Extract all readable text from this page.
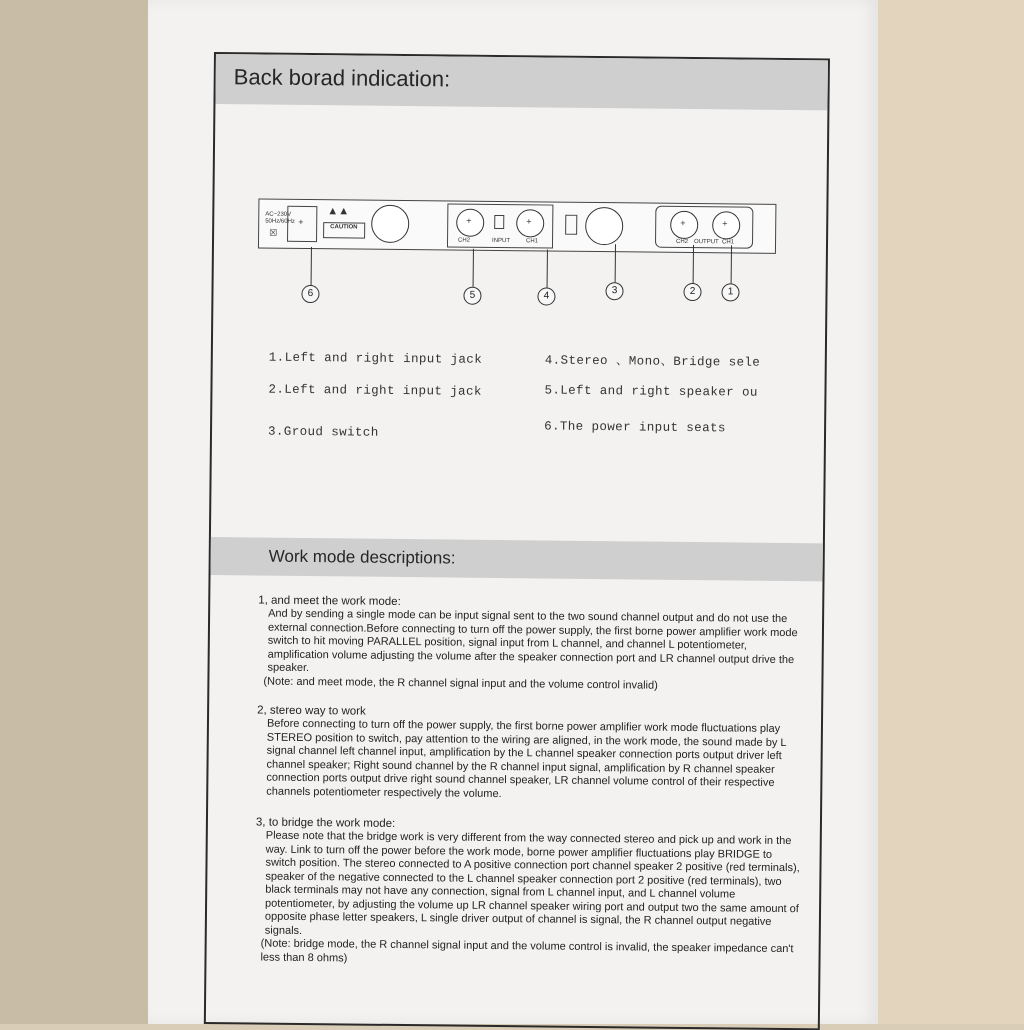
Back borad indication:
AC~230V
50Hz/60Hz
☒
+
▲▲
CAUTION
+	+
CH2	INPUT	CH1
+	+
CH2 OUTPUT CH1
6	5	4	3	2	1
1.Left and right input jack
2.Left and right input jack
3.Groud switch
4.Stereo 、Mono、Bridge sele
5.Left and right speaker ou
6.The power input seats
Work mode descriptions:
1, and meet the work mode:
And by sending a single mode can be input signal sent to the two sound channel output and do not use the external connection.Before connecting to turn off the power supply, the first borne power amplifier work mode switch to hit moving PARALLEL position, signal input from L channel, and channel L potentiometer, amplification volume adjusting the volume after the speaker connection port and LR channel output drive the speaker.
(Note: and meet mode, the R channel signal input and the volume control invalid)
2, stereo way to work
Before connecting to turn off the power supply, the first borne power amplifier work mode fluctuations play STEREO position to switch, pay attention to the wiring are aligned, in the work mode, the sound made by L signal channel left channel input, amplification by the L channel speaker connection ports output driver left channel speaker; Right sound channel by the R channel input signal, amplification by R channel speaker connection ports output drive right sound channel speaker, LR channel volume control of their respective channels potentiometer respectively the volume.
3, to bridge the work mode:
Please note that the bridge work is very different from the way connected stereo and pick up and work in the way. Link to turn off the power before the work mode, borne power amplifier fluctuations play BRIDGE to switch position. The stereo connected to A positive connection port channel speaker 2 positive (red terminals), speaker of the negative connected to the L channel speaker connection port 2 positive (red terminals), two black terminals may not have any connection, signal from L channel input, and L channel volume potentiometer, by adjusting the volume up LR channel speaker wiring port and output two the same amount of opposite phase letter speakers, L single driver output of channel is signal, the R channel output negative signals.
(Note: bridge mode, the R channel signal input and the volume control is invalid, the speaker impedance can't less than 8 ohms)
